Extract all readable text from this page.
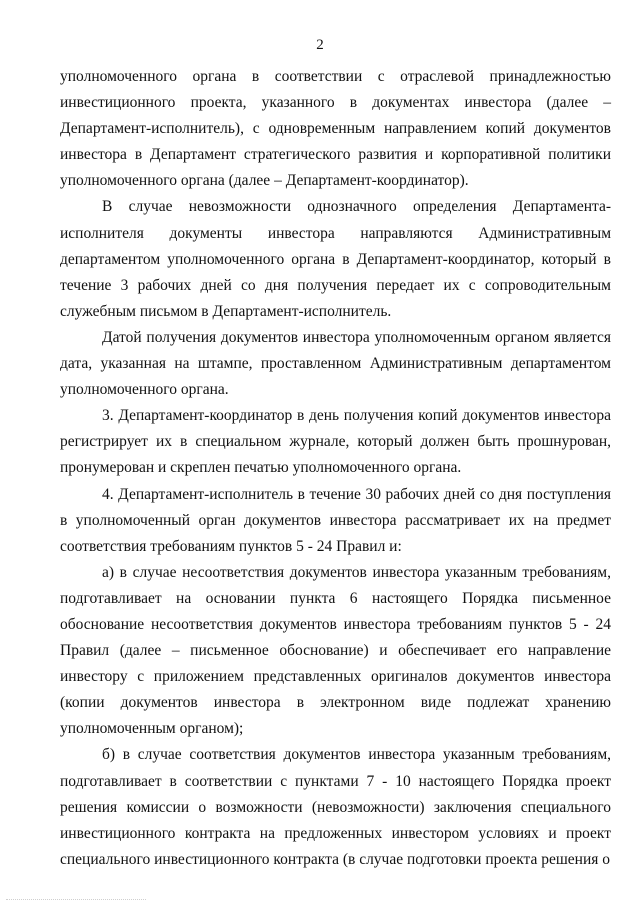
2

уполномоченного органа в соответствии с отраслевой принадлежностью инвестиционного проекта, указанного в документах инвестора (далее – Департамент-исполнитель), с одновременным направлением копий документов инвестора в Департамент стратегического развития и корпоративной политики уполномоченного органа (далее – Департамент-координатор).

В случае невозможности однозначного определения Департамента-исполнителя документы инвестора направляются Административным департаментом уполномоченного органа в Департамент-координатор, который в течение 3 рабочих дней со дня получения передает их с сопроводительным служебным письмом в Департамент-исполнитель.

Датой получения документов инвестора уполномоченным органом является дата, указанная на штампе, проставленном Административным департаментом уполномоченного органа.

3. Департамент-координатор в день получения копий документов инвестора регистрирует их в специальном журнале, который должен быть прошнурован, пронумерован и скреплен печатью уполномоченного органа.

4. Департамент-исполнитель в течение 30 рабочих дней со дня поступления в уполномоченный орган документов инвестора рассматривает их на предмет соответствия требованиям пунктов 5 - 24 Правил и:

а) в случае несоответствия документов инвестора указанным требованиям, подготавливает на основании пункта 6 настоящего Порядка письменное обоснование несоответствия документов инвестора требованиям пунктов 5 - 24 Правил (далее – письменное обоснование) и обеспечивает его направление инвестору с приложением представленных оригиналов документов инвестора (копии документов инвестора в электронном виде подлежат хранению уполномоченным органом);

б) в случае соответствия документов инвестора указанным требованиям, подготавливает в соответствии с пунктами 7 - 10 настоящего Порядка проект решения комиссии о возможности (невозможности) заключения специального инвестиционного контракта на предложенных инвестором условиях и проект специального инвестиционного контракта (в случае подготовки проекта решения о
